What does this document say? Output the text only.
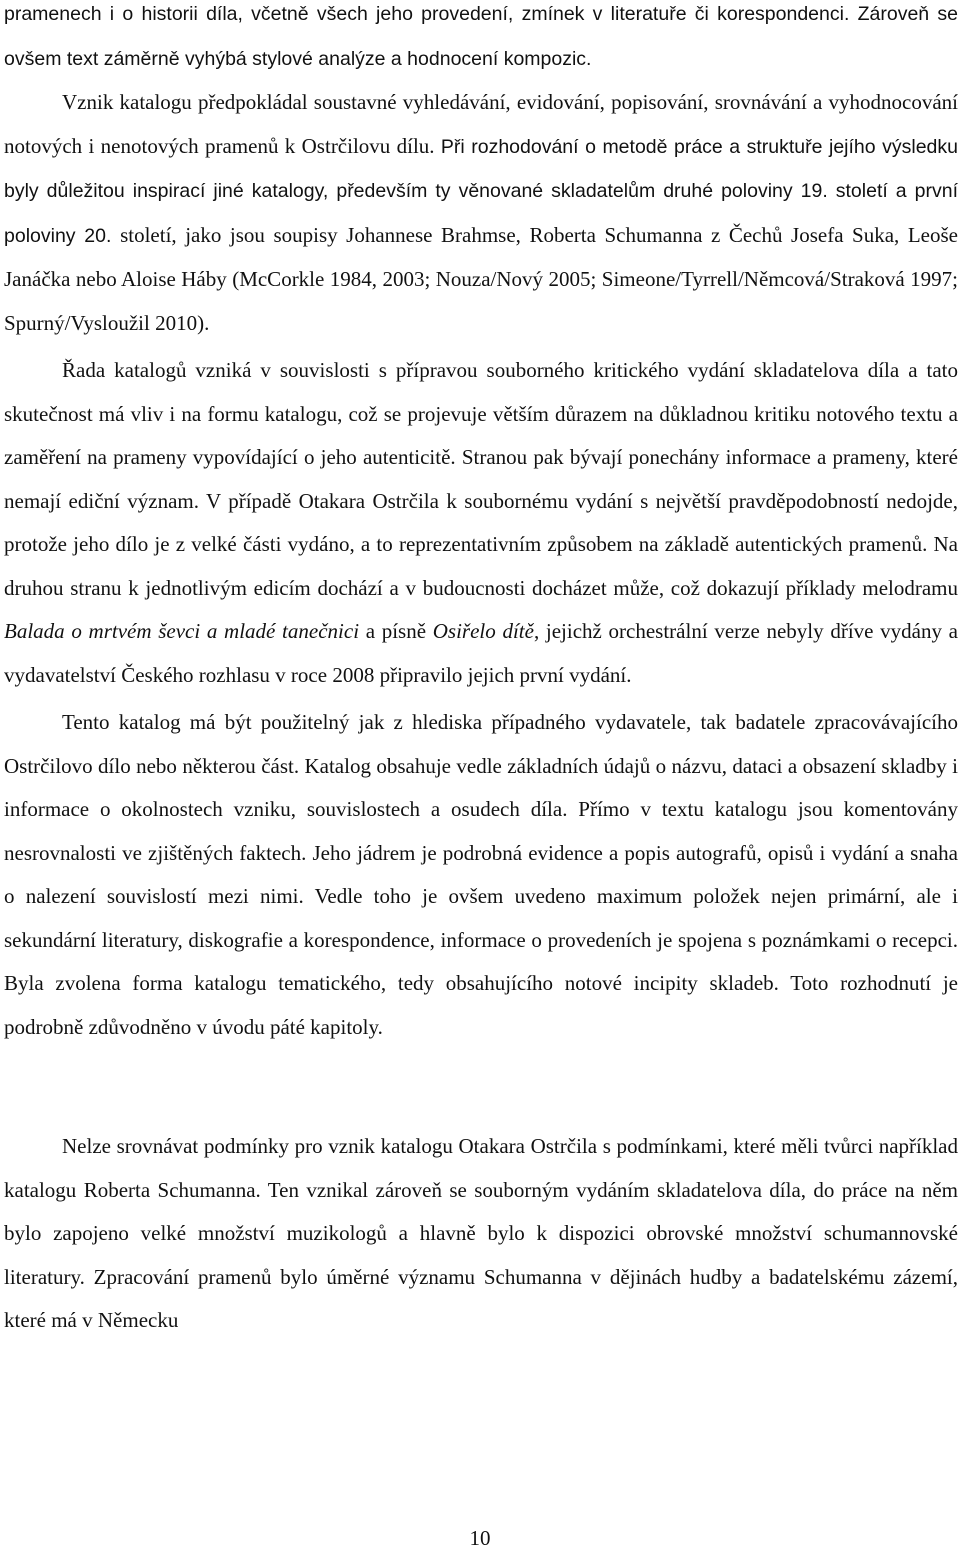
pramenech i o historii díla, včetně všech jeho provedení, zmínek v literatuře či korespondenci. Zároveň se ovšem text záměrně vyhýbá stylové analýze a hodnocení kompozic.

Vznik katalogu předpokládal soustavné vyhledávání, evidování, popisování, srovnávání a vyhodnocování notových i nenotových pramenů k Ostrčilovu dílu. Při rozhodování o metodě práce a struktuře jejího výsledku byly důležitou inspirací jiné katalogy, především ty věnované skladatelům druhé poloviny 19. století a první poloviny 20. století, jako jsou soupisy Johannese Brahmse, Roberta Schumanna z Čechů Josefa Suka, Leoše Janáčka nebo Aloise Háby (McCorkle 1984, 2003; Nouza/Nový 2005; Simeone/Tyrrell/Němcová/Straková 1997; Spurný/Vysloužil 2010).

Řada katalogů vzniká v souvislosti s přípravou souborného kritického vydání skladatelova díla a tato skutečnost má vliv i na formu katalogu, což se projevuje větším důrazem na důkladnou kritiku notového textu a zaměření na prameny vypovídající o jeho autenticitě. Stranou pak bývají ponechány informace a prameny, které nemají ediční význam. V případě Otakara Ostrčila k soubornému vydání s největší pravděpodobností nedojde, protože jeho dílo je z velké části vydáno, a to reprezentativním způsobem na základě autentických pramenů. Na druhou stranu k jednotlivým edicím dochází a v budoucnosti docházet může, což dokazují příklady melodramu Balada o mrtvém ševci a mladé tanečnici a písně Osiřelo dítě, jejichž orchestrální verze nebyly dříve vydány a vydavatelství Českého rozhlasu v roce 2008 připravilo jejich první vydání.

Tento katalog má být použitelný jak z hlediska případného vydavatele, tak badatele zpracovávajícího Ostrčilovo dílo nebo některou část. Katalog obsahuje vedle základních údajů o názvu, dataci a obsazení skladby i informace o okolnostech vzniku, souvislostech a osudech díla. Přímo v textu katalogu jsou komentovány nesrovnalosti ve zjištěných faktech. Jeho jádrem je podrobná evidence a popis autografů, opisů i vydání a snaha o nalezení souvislostí mezi nimi. Vedle toho je ovšem uvedeno maximum položek nejen primární, ale i sekundární literatury, diskografie a korespondence, informace o provedeních je spojena s poznámkami o recepci. Byla zvolena forma katalogu tematického, tedy obsahujícího notové incipity skladeb. Toto rozhodnutí je podrobně zdůvodněno v úvodu páté kapitoly.

Nelze srovnávat podmínky pro vznik katalogu Otakara Ostrčila s podmínkami, které měli tvůrci například katalogu Roberta Schumanna. Ten vznikal zároveň se souborným vydáním skladatelova díla, do práce na něm bylo zapojeno velké množství muzikologů a hlavně bylo k dispozici obrovské množství schumannovské literatury. Zpracování pramenů bylo úměrné významu Schumanna v dějinách hudby a badatelskému zázemí, které má v Německu

10
